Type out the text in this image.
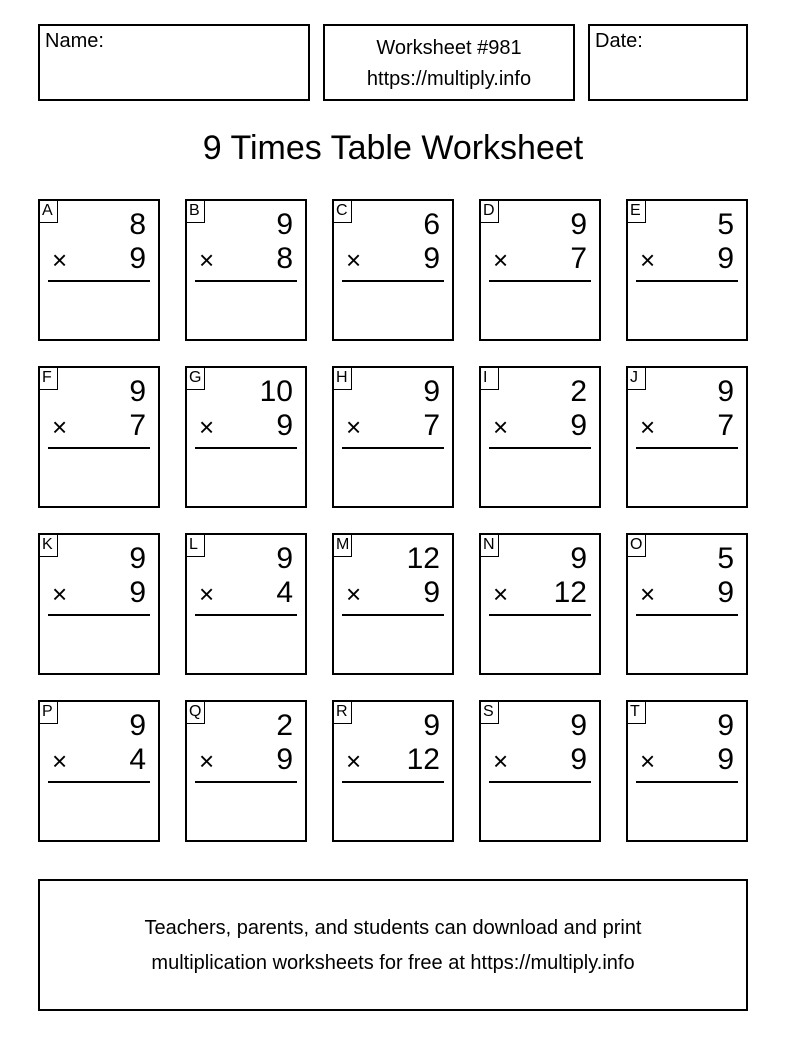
Name:	Worksheet #981
https://multiply.info
Date:
9 Times Table Worksheet
A	8
× 9
B	9
× 8
C	6
× 9
D	9
× 7
E	5
× 9
F	9
× 7
G 10
× 9
H	9
× 7
I	2
× 9
J	9
× 7
K	9
× 9
L	9
× 4
M 12
× 9
N	9
× 12
O 5
× 9
P	9
× 4
Q 2
× 9
R	9
× 12
S	9
× 9
T	9
× 9
Teachers, parents, and students can download and print
multiplication worksheets for free at https://multiply.info
